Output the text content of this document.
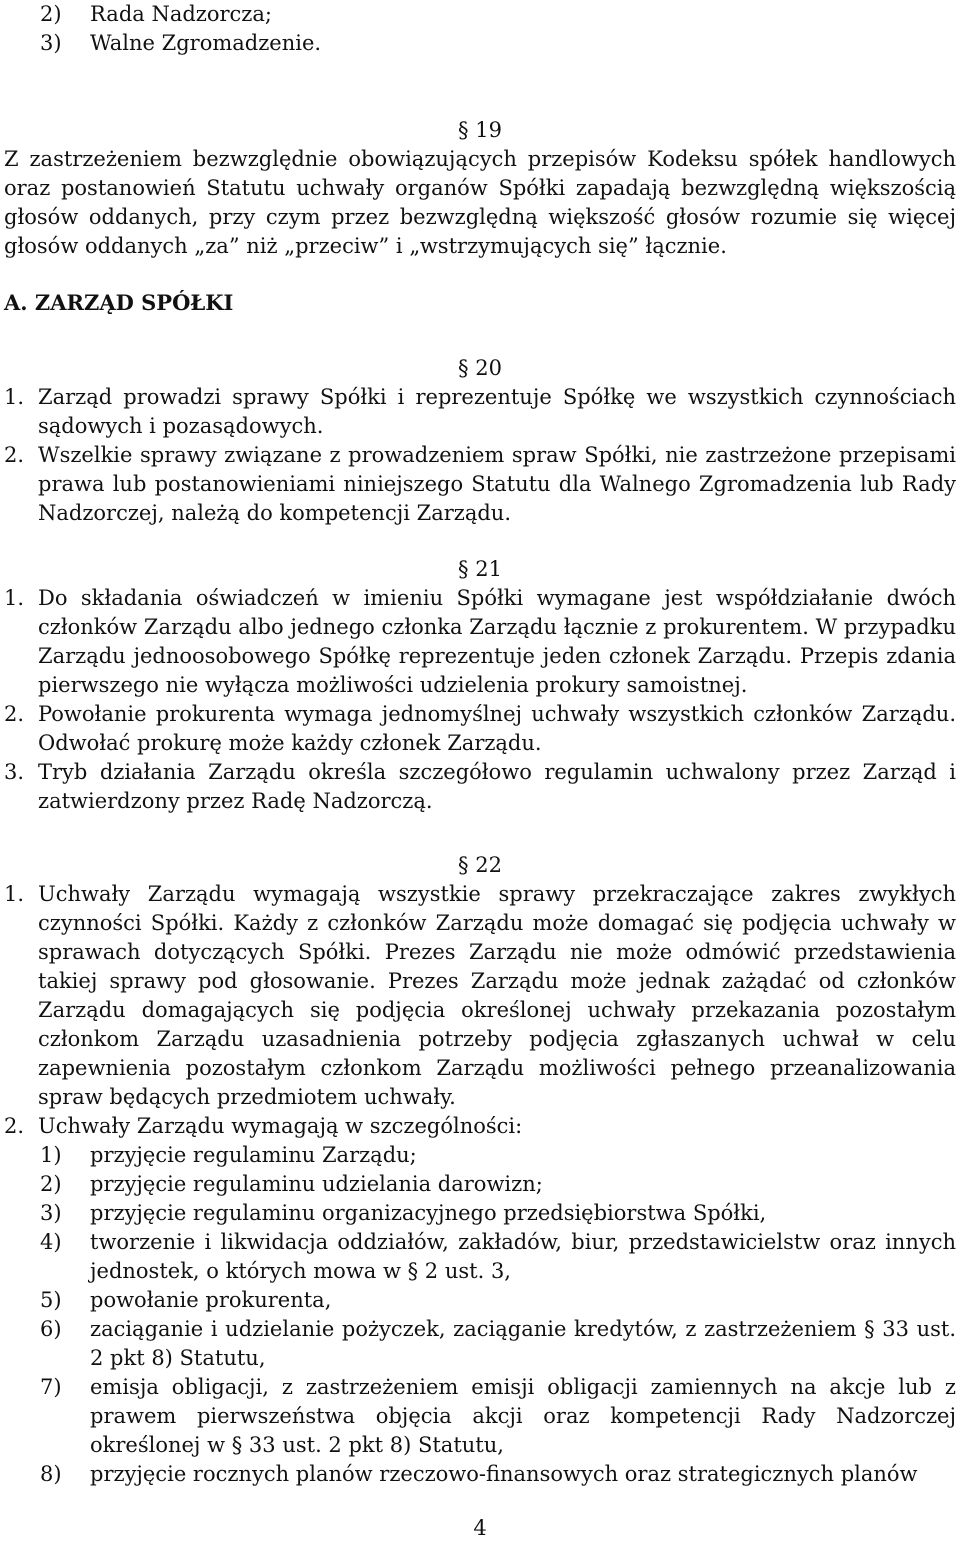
2)	Rada Nadzorcza;
3)	Walne Zgromadzenie.
§ 19
Z zastrzeżeniem bezwzględnie obowiązujących przepisów Kodeksu spółek handlowych oraz postanowień Statutu uchwały organów Spółki zapadają bezwzględną większością głosów oddanych, przy czym przez bezwzględną większość głosów rozumie się więcej głosów oddanych „za” niż „przeciw” i „wstrzymujących się” łącznie.
A. ZARZĄD SPÓŁKI
§ 20
1. Zarząd prowadzi sprawy Spółki i reprezentuje Spółkę we wszystkich czynnościach sądowych i pozasądowych.
2. Wszelkie sprawy związane z prowadzeniem spraw Spółki, nie zastrzeżone przepisami prawa lub postanowieniami niniejszego Statutu dla Walnego Zgromadzenia lub Rady Nadzorczej, należą do kompetencji Zarządu.
§ 21
1. Do składania oświadczeń w imieniu Spółki wymagane jest współdziałanie dwóch członków Zarządu albo jednego członka Zarządu łącznie z prokurentem. W przypadku Zarządu jednoosobowego Spółkę reprezentuje jeden członek Zarządu. Przepis zdania pierwszego nie wyłącza możliwości udzielenia prokury samoistnej.
2. Powołanie prokurenta wymaga jednomyślnej uchwały wszystkich członków Zarządu. Odwołać prokurę może każdy członek Zarządu.
3. Tryb działania Zarządu określa szczegółowo regulamin uchwalony przez Zarząd i zatwierdzony przez Radę Nadzorczą.
§ 22
1. Uchwały Zarządu wymagają wszystkie sprawy przekraczające zakres zwykłych czynności Spółki. Każdy z członków Zarządu może domagać się podjęcia uchwały w sprawach dotyczących Spółki. Prezes Zarządu nie może odmówić przedstawienia takiej sprawy pod głosowanie. Prezes Zarządu może jednak zażądać od członków Zarządu domagających się podjęcia określonej uchwały przekazania pozostałym członkom Zarządu uzasadnienia potrzeby podjęcia zgłaszanych uchwał w celu zapewnienia pozostałym członkom Zarządu możliwości pełnego przeanalizowania spraw będących przedmiotem uchwały.
2. Uchwały Zarządu wymagają w szczególności:
1)	przyjęcie regulaminu Zarządu;
2)	przyjęcie regulaminu udzielania darowizn;
3)	przyjęcie regulaminu organizacyjnego przedsiębiorstwa Spółki,
4)	tworzenie i likwidacja oddziałów, zakładów, biur, przedstawicielstw oraz innych jednostek, o których mowa w § 2 ust. 3,
5)	powołanie prokurenta,
6)	zaciąganie i udzielanie pożyczek, zaciąganie kredytów, z zastrzeżeniem § 33 ust. 2 pkt 8) Statutu,
7)	emisja obligacji, z zastrzeżeniem emisji obligacji zamiennych na akcje lub z prawem pierwszeństwa objęcia akcji oraz kompetencji Rady Nadzorczej określonej w § 33 ust. 2 pkt 8) Statutu,
8)	przyjęcie rocznych planów rzeczowo-finansowych oraz strategicznych planów
4
